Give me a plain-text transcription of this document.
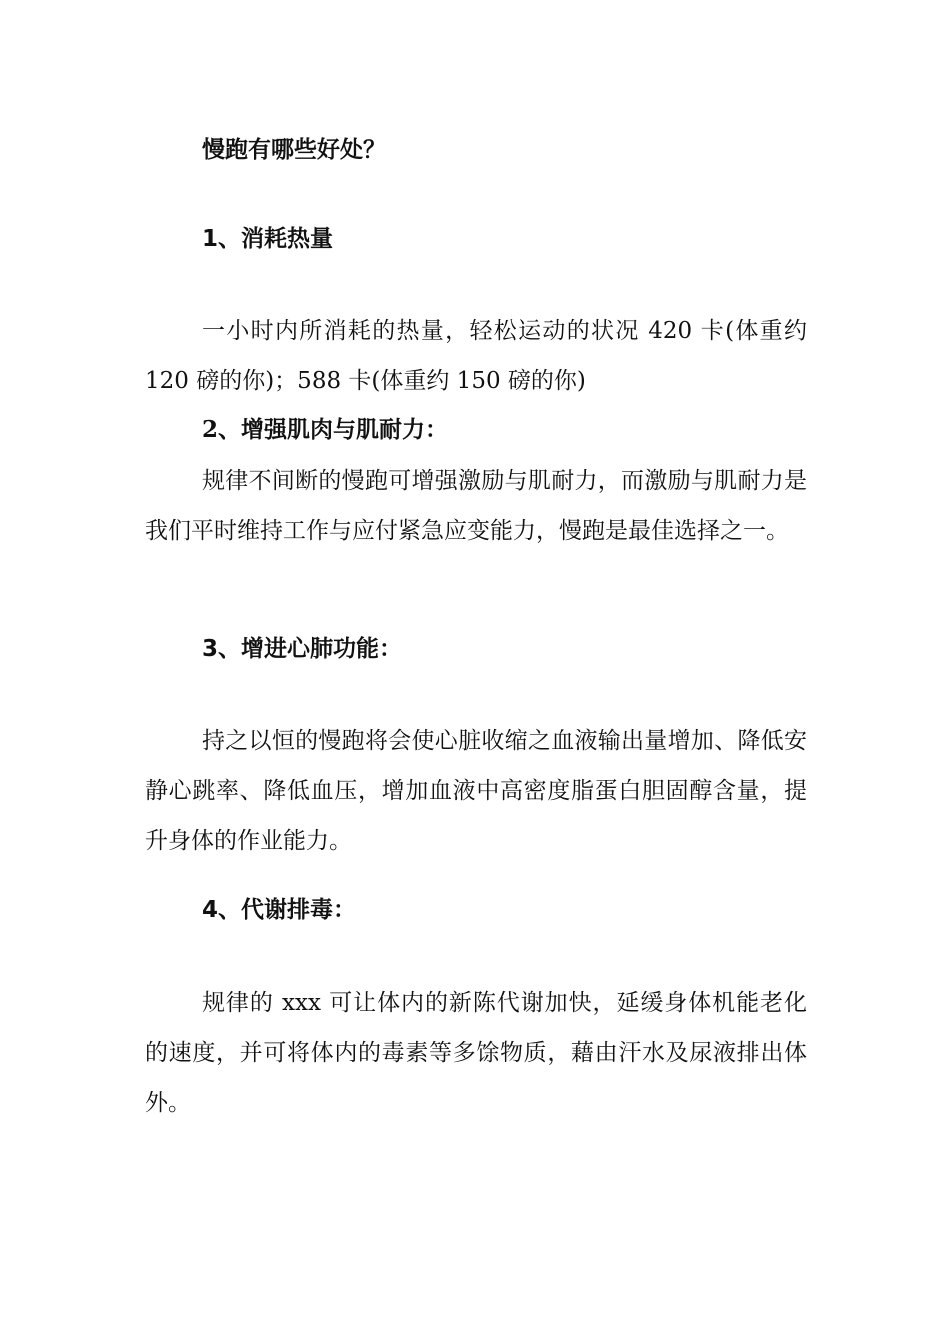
慢跑有哪些好处？
1、消耗热量

一小时内所消耗的热量，轻松运动的状况 420 卡(体重约 120 磅的你)；588 卡(体重约 150 磅的你)

2、增强肌肉与肌耐力：

规律不间断的慢跑可增强激励与肌耐力，而激励与肌耐力是我们平时维持工作与应付紧急应变能力，慢跑是最佳选择之一。

3、增进心肺功能：

持之以恒的慢跑将会使心脏收缩之血液输出量增加、降低安静心跳率、降低血压，增加血液中高密度脂蛋白胆固醇含量，提升身体的作业能力。

4、代谢排毒：

规律的 xxx 可让体内的新陈代谢加快，延缓身体机能老化的速度，并可将体内的毒素等多馀物质，藉由汗水及尿液排出体外。
